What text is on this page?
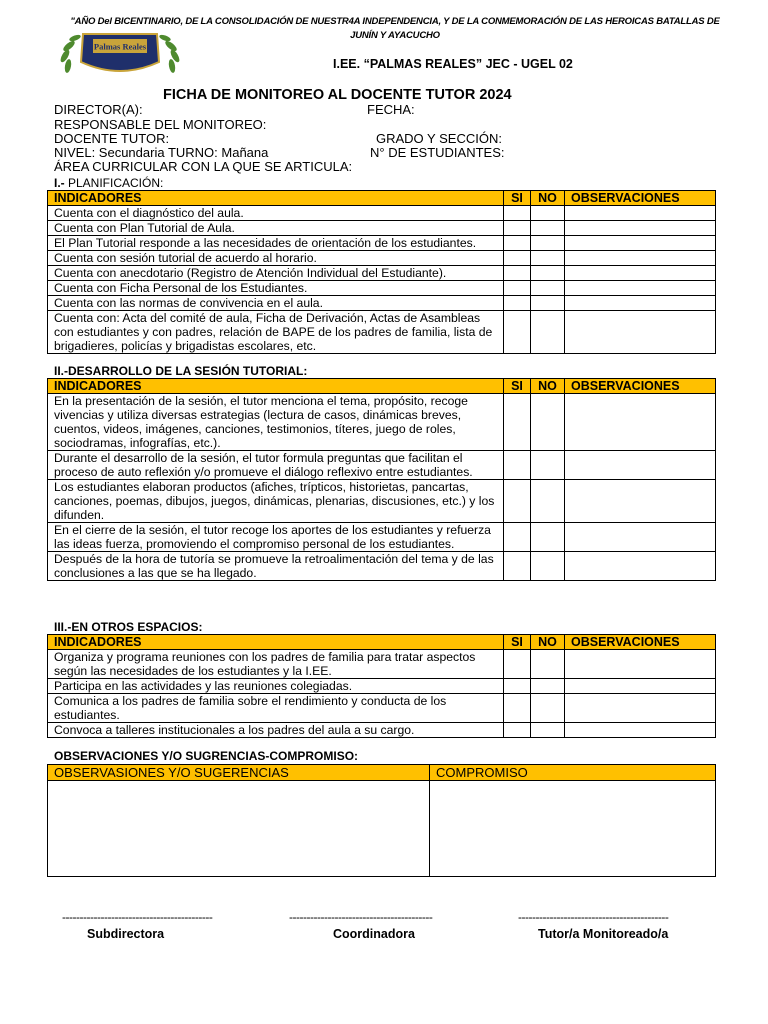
"AÑO Del BICENTINARIO, DE LA CONSOLIDACIÓN DE NUESTR4A INDEPENDENCIA, Y DE LA CONMEMORACIÓN DE LAS HEROICAS BATALLAS DE JUNÍN Y AYACUCHO
Palmas Reales
I.EE. “PALMAS REALES” JEC - UGEL 02
FICHA DE MONITOREO AL DOCENTE TUTOR 2024
DIRECTOR(A):	FECHA:
RESPONSABLE DEL MONITOREO:
DOCENTE TUTOR:	GRADO Y SECCIÓN:
NIVEL: Secundaria TURNO: Mañana	N° DE ESTUDIANTES:
ÁREA CURRICULAR CON LA QUE SE ARTICULA:
I.- PLANIFICACIÓN:
INDICADORES	SI	NO	OBSERVACIONES
Cuenta con el diagnóstico del aula.			
Cuenta con Plan Tutorial de Aula.			
El Plan Tutorial responde a las necesidades de orientación de los estudiantes.			
Cuenta con sesión tutorial de acuerdo al horario.			
Cuenta con anecdotario (Registro de Atención Individual del Estudiante).			
Cuenta con Ficha Personal de los Estudiantes.			
Cuenta con las normas de convivencia en el aula.			
Cuenta con: Acta del comité de aula, Ficha de Derivación, Actas de Asambleas con estudiantes y con padres, relación de BAPE de los padres de familia, lista de brigadieres, policías y brigadistas escolares, etc.			
II.-DESARROLLO DE LA SESIÓN TUTORIAL:
INDICADORES	SI	NO	OBSERVACIONES
En la presentación de la sesión, el tutor menciona el tema, propósito, recoge vivencias y utiliza diversas estrategias (lectura de casos, dinámicas breves, cuentos, videos, imágenes, canciones, testimonios, títeres, juego de roles, sociodramas, infografías, etc.).			
Durante el desarrollo de la sesión, el tutor formula preguntas que facilitan el proceso de auto reflexión y/o promueve el diálogo reflexivo entre estudiantes.			
Los estudiantes elaboran productos (afiches, trípticos, historietas, pancartas, canciones, poemas, dibujos, juegos, dinámicas, plenarias, discusiones, etc.) y los difunden.			
En el cierre de la sesión, el tutor recoge los aportes de los estudiantes y refuerza las ideas fuerza, promoviendo el compromiso personal de los estudiantes.			
Después de la hora de tutoría se promueve la retroalimentación del tema y de las conclusiones a las que se ha llegado.			
III.-EN OTROS ESPACIOS:
INDICADORES	SI	NO	OBSERVACIONES
Organiza y programa reuniones con los padres de familia para tratar aspectos según las necesidades de los estudiantes y la I.EE.			
Participa en las actividades y las reuniones colegiadas.			
Comunica a los padres de familia sobre el rendimiento y conducta de los estudiantes.			
Convoca a talleres institucionales a los padres del aula a su cargo.			
OBSERVACIONES Y/O SUGRENCIAS-COMPROMISO:
OBSERVASIONES Y/O SUGERENCIAS	COMPROMISO

-------------------------------------------	-----------------------------------------	-------------------------------------------
Subdirectora	Coordinadora	Tutor/a Monitoreado/a
